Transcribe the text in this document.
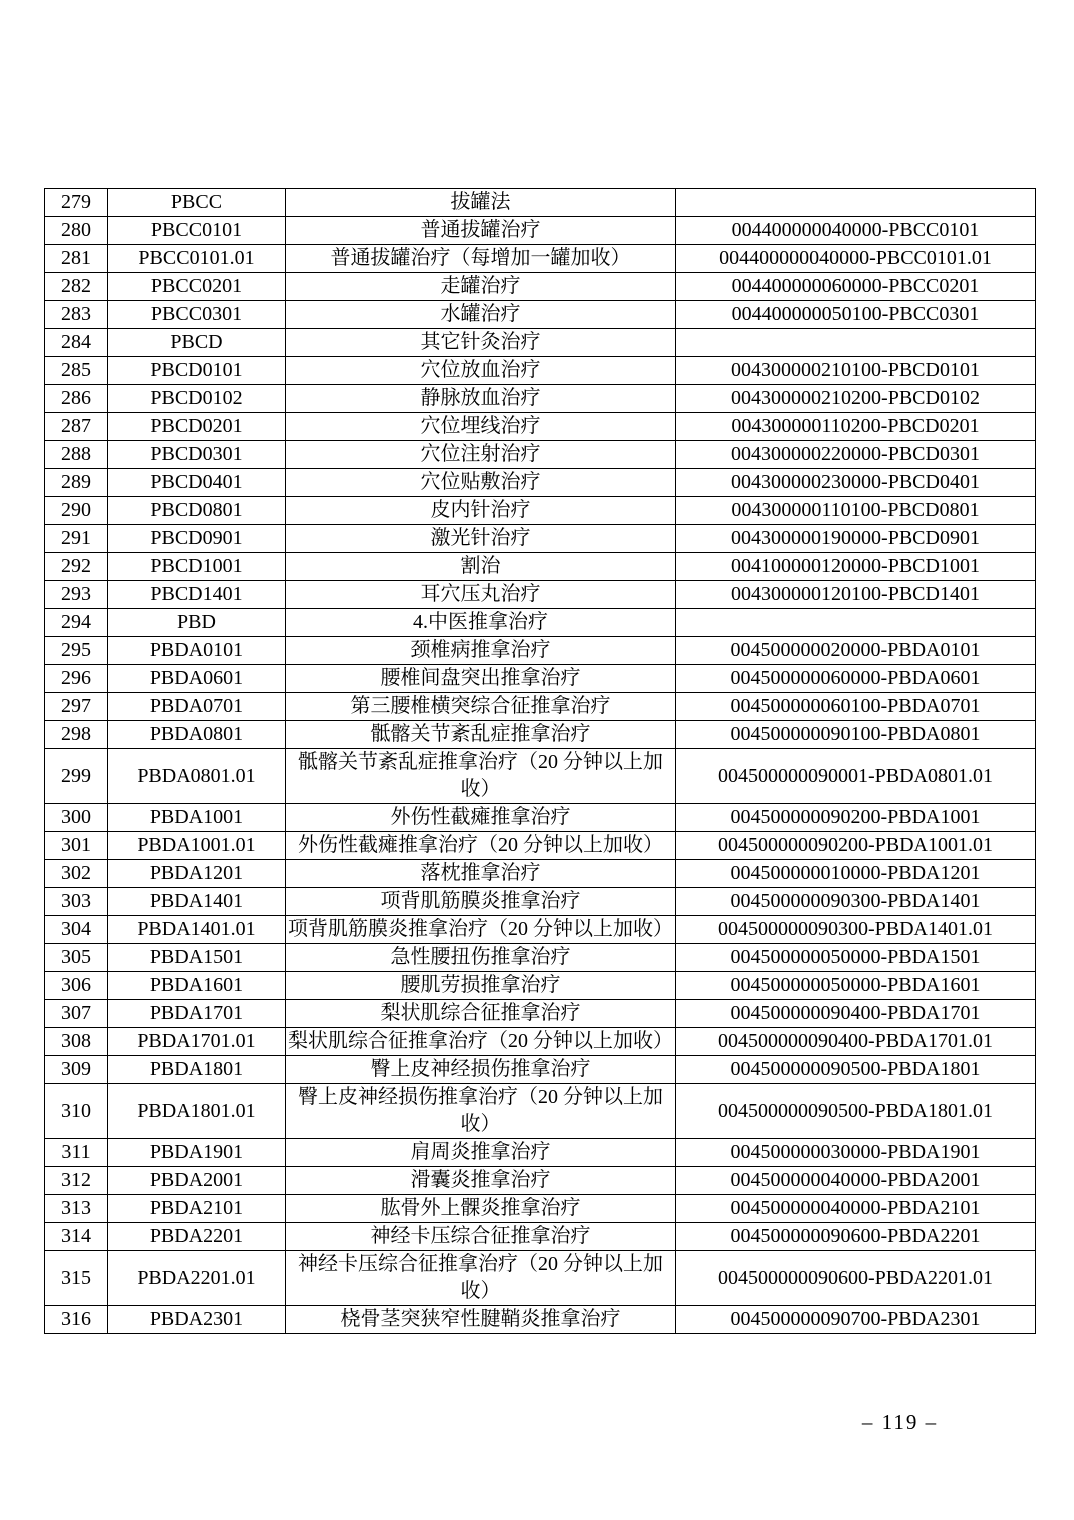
279	PBCC	拔罐法	
280	PBCC0101	普通拔罐治疗	004400000040000-PBCC0101
281	PBCC0101.01	普通拔罐治疗（每增加一罐加收）	004400000040000-PBCC0101.01
282	PBCC0201	走罐治疗	004400000060000-PBCC0201
283	PBCC0301	水罐治疗	004400000050100-PBCC0301
284	PBCD	其它针灸治疗	
285	PBCD0101	穴位放血治疗	004300000210100-PBCD0101
286	PBCD0102	静脉放血治疗	004300000210200-PBCD0102
287	PBCD0201	穴位埋线治疗	004300000110200-PBCD0201
288	PBCD0301	穴位注射治疗	004300000220000-PBCD0301
289	PBCD0401	穴位贴敷治疗	004300000230000-PBCD0401
290	PBCD0801	皮内针治疗	004300000110100-PBCD0801
291	PBCD0901	激光针治疗	004300000190000-PBCD0901
292	PBCD1001	割治	004100000120000-PBCD1001
293	PBCD1401	耳穴压丸治疗	004300000120100-PBCD1401
294	PBD	4.中医推拿治疗	
295	PBDA0101	颈椎病推拿治疗	004500000020000-PBDA0101
296	PBDA0601	腰椎间盘突出推拿治疗	004500000060000-PBDA0601
297	PBDA0701	第三腰椎横突综合征推拿治疗	004500000060100-PBDA0701
298	PBDA0801	骶髂关节紊乱症推拿治疗	004500000090100-PBDA0801
299	PBDA0801.01	骶髂关节紊乱症推拿治疗（20 分钟以上加收）	004500000090001-PBDA0801.01
300	PBDA1001	外伤性截瘫推拿治疗	004500000090200-PBDA1001
301	PBDA1001.01	外伤性截瘫推拿治疗（20 分钟以上加收）	004500000090200-PBDA1001.01
302	PBDA1201	落枕推拿治疗	004500000010000-PBDA1201
303	PBDA1401	项背肌筋膜炎推拿治疗	004500000090300-PBDA1401
304	PBDA1401.01	项背肌筋膜炎推拿治疗（20 分钟以上加收）	004500000090300-PBDA1401.01
305	PBDA1501	急性腰扭伤推拿治疗	004500000050000-PBDA1501
306	PBDA1601	腰肌劳损推拿治疗	004500000050000-PBDA1601
307	PBDA1701	梨状肌综合征推拿治疗	004500000090400-PBDA1701
308	PBDA1701.01	梨状肌综合征推拿治疗（20 分钟以上加收）	004500000090400-PBDA1701.01
309	PBDA1801	臀上皮神经损伤推拿治疗	004500000090500-PBDA1801
310	PBDA1801.01	臀上皮神经损伤推拿治疗（20 分钟以上加收）	004500000090500-PBDA1801.01
311	PBDA1901	肩周炎推拿治疗	004500000030000-PBDA1901
312	PBDA2001	滑囊炎推拿治疗	004500000040000-PBDA2001
313	PBDA2101	肱骨外上髁炎推拿治疗	004500000040000-PBDA2101
314	PBDA2201	神经卡压综合征推拿治疗	004500000090600-PBDA2201
315	PBDA2201.01	神经卡压综合征推拿治疗（20 分钟以上加收）	004500000090600-PBDA2201.01
316	PBDA2301	桡骨茎突狭窄性腱鞘炎推拿治疗	004500000090700-PBDA2301
– 119 –
